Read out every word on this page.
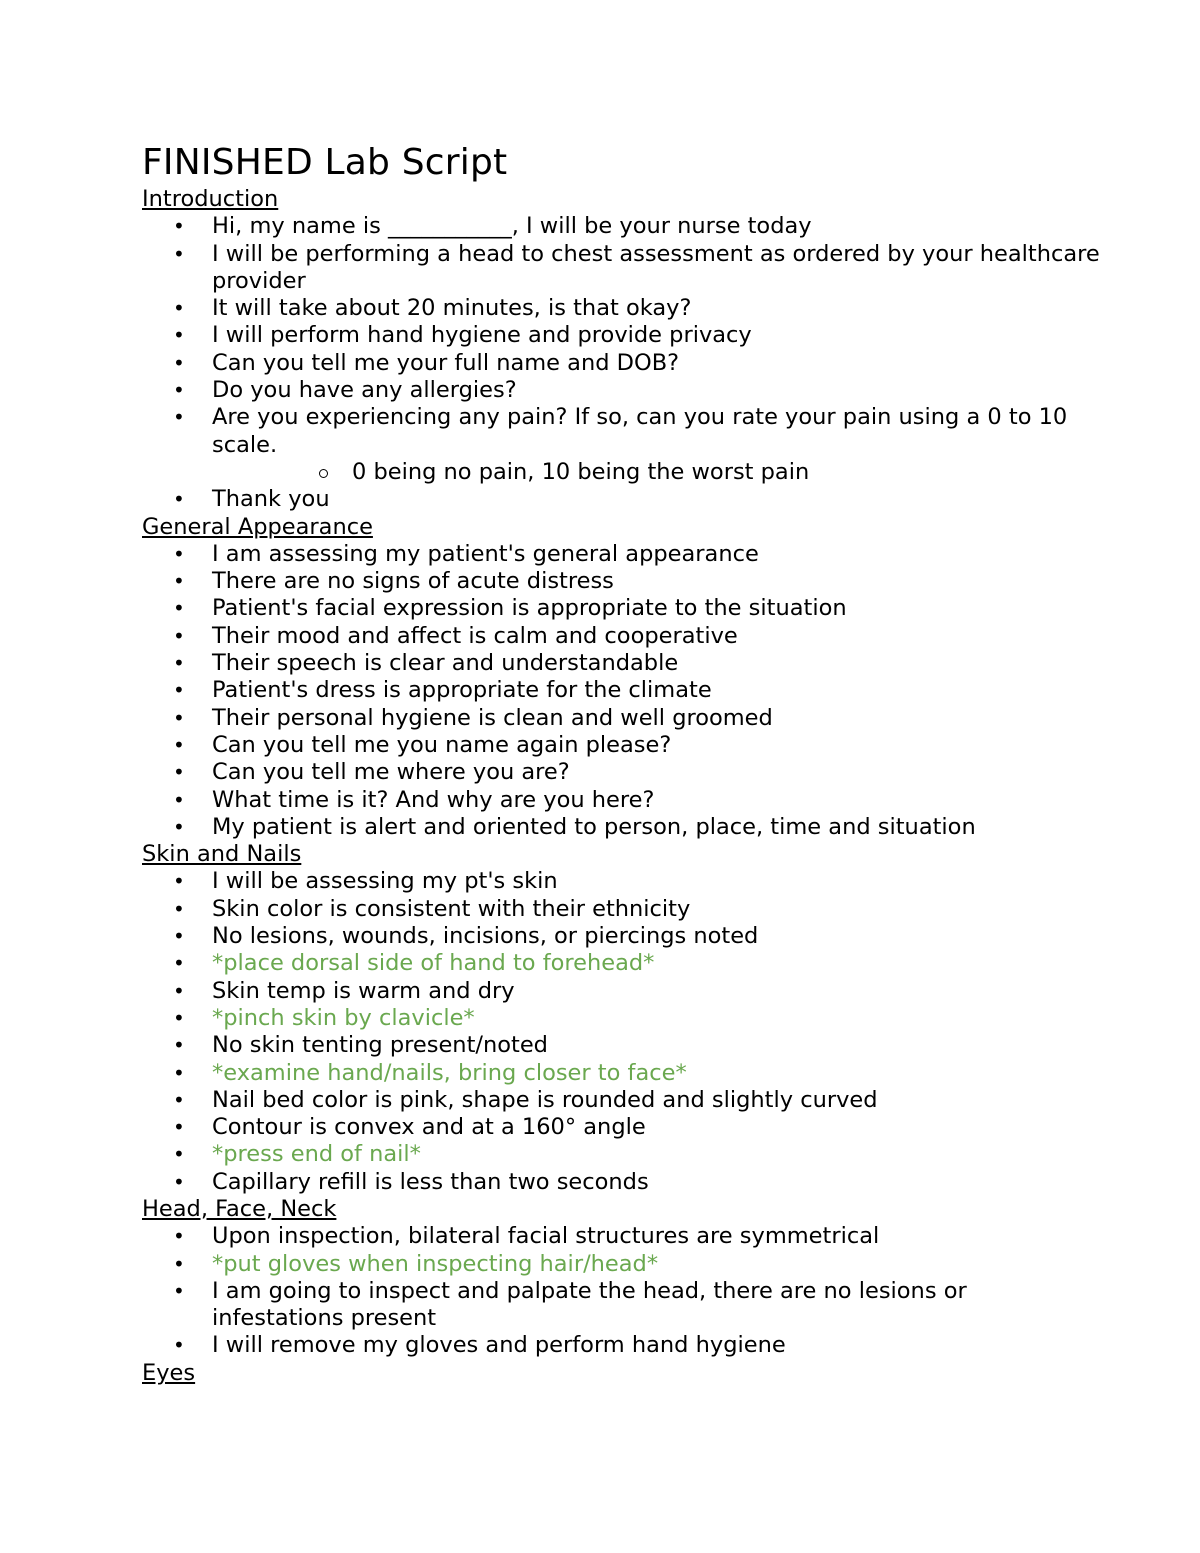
FINISHED Lab Script
Introduction
• Hi, my name is ___________, I will be your nurse today
• I will be performing a head to chest assessment as ordered by your healthcare provider
• It will take about 20 minutes, is that okay?
• I will perform hand hygiene and provide privacy
• Can you tell me your full name and DOB?
• Do you have any allergies?
• Are you experiencing any pain? If so, can you rate your pain using a 0 to 10 scale.
0 being no pain, 10 being the worst pain
• Thank you
General Appearance
• I am assessing my patient's general appearance
• There are no signs of acute distress
• Patient's facial expression is appropriate to the situation
• Their mood and affect is calm and cooperative
• Their speech is clear and understandable
• Patient's dress is appropriate for the climate
• Their personal hygiene is clean and well groomed
• Can you tell me you name again please?
• Can you tell me where you are?
• What time is it? And why are you here?
• My patient is alert and oriented to person, place, time and situation
Skin and Nails
• I will be assessing my pt's skin
• Skin color is consistent with their ethnicity
• No lesions, wounds, incisions, or piercings noted
• *place dorsal side of hand to forehead*
• Skin temp is warm and dry
• *pinch skin by clavicle*
• No skin tenting present/noted
• *examine hand/nails, bring closer to face*
• Nail bed color is pink, shape is rounded and slightly curved
• Contour is convex and at a 160° angle
• *press end of nail*
• Capillary refill is less than two seconds
Head, Face, Neck
• Upon inspection, bilateral facial structures are symmetrical
• *put gloves when inspecting hair/head*
• I am going to inspect and palpate the head, there are no lesions or infestations present
• I will remove my gloves and perform hand hygiene
Eyes
